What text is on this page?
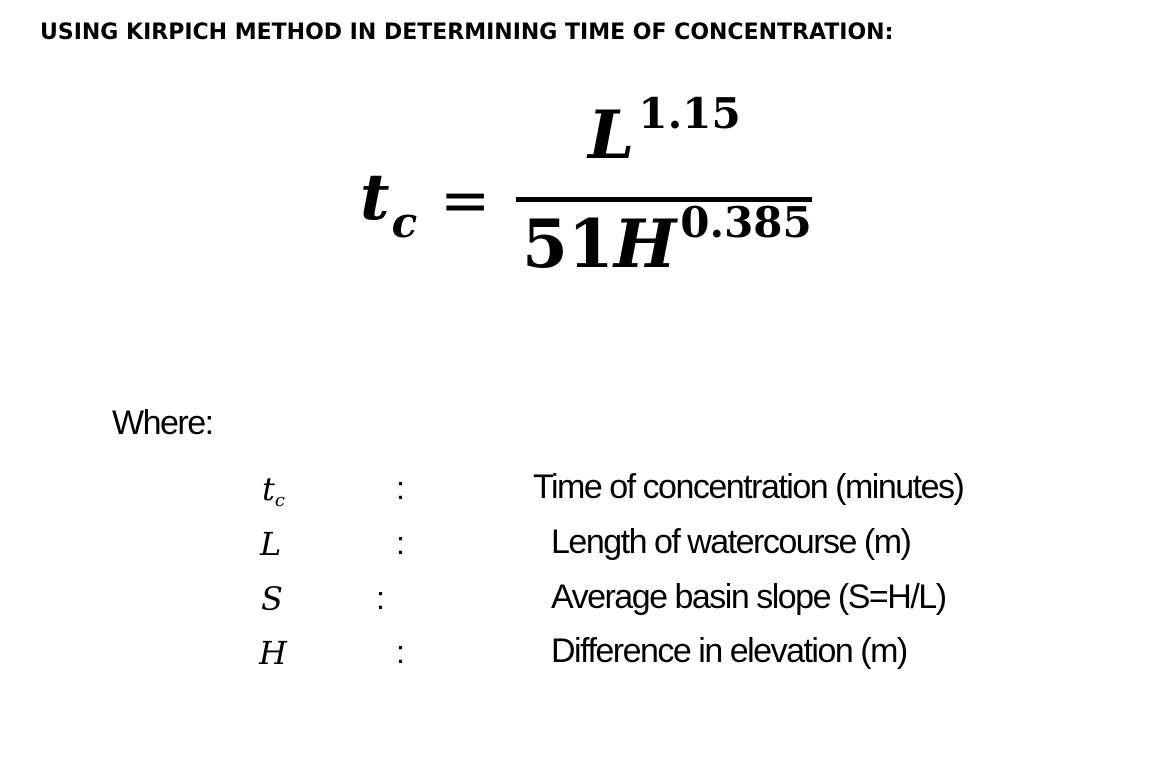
USING KIRPICH METHOD IN DETERMINING TIME OF CONCENTRATION:
$t_c$ =
$L^{1.15}$
$51H^{0.385}$
Where:
tc	:	Time of concentration (minutes)
L	:	Length of watercourse (m)
S	:	Average basin slope (S=H/L)
H	:	Difference in elevation (m)
